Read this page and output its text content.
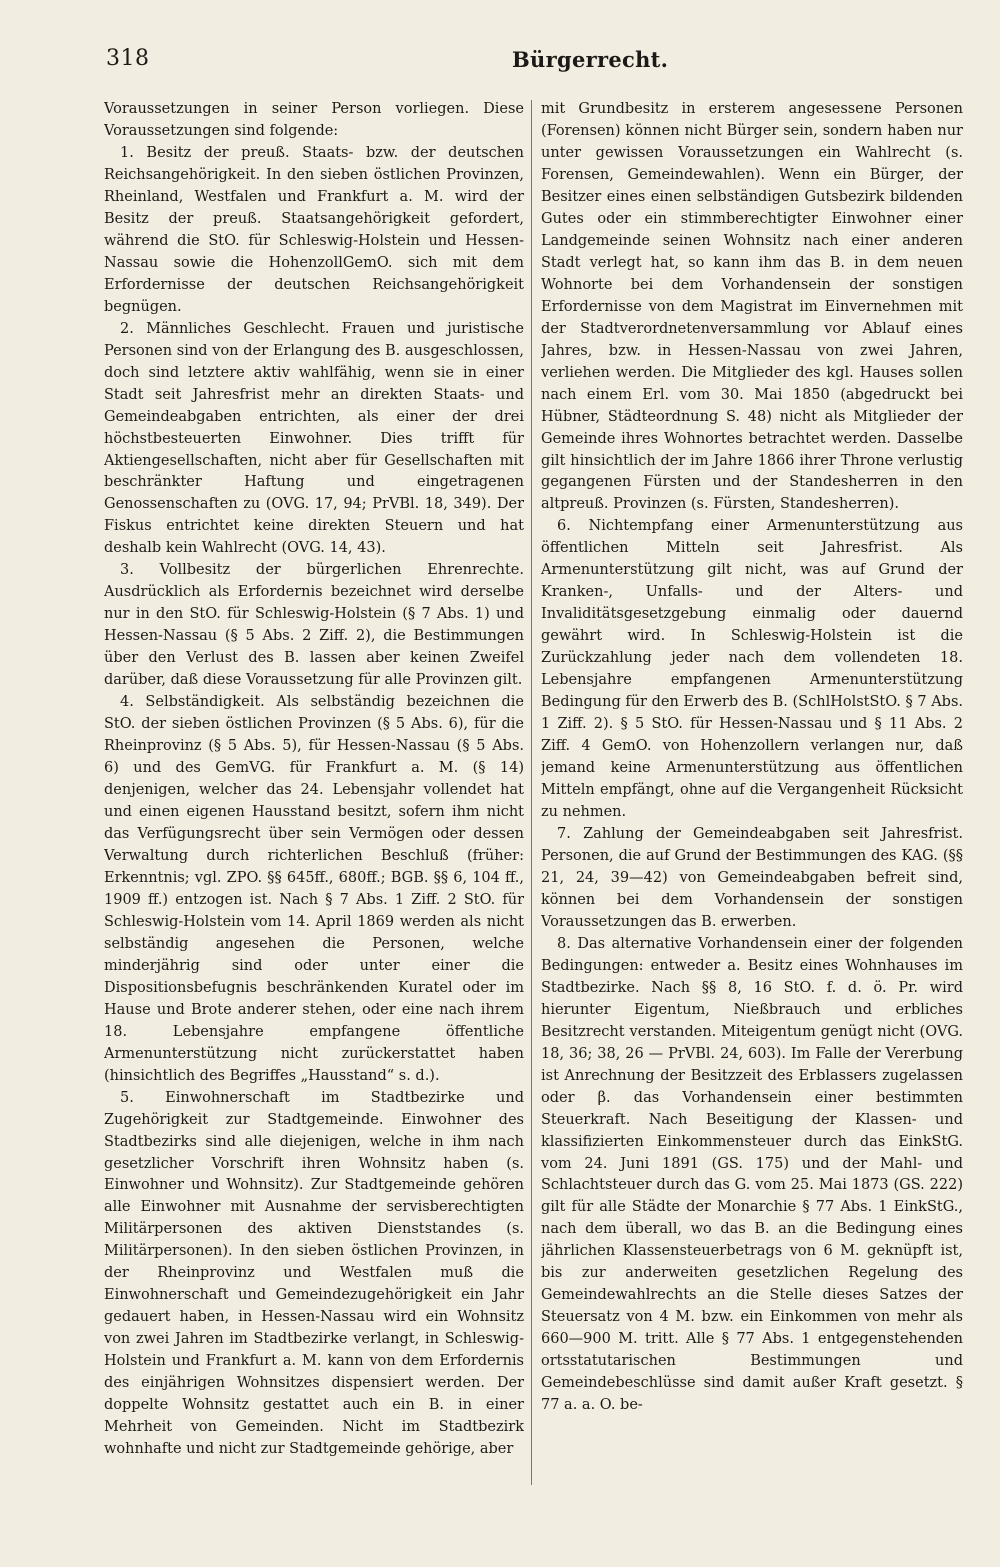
318	Bürgerrecht.

Voraussetzungen in seiner Person vorliegen. Diese Voraussetzungen sind folgende:

1. Besitz der preuß. Staats- bzw. der deutschen Reichsangehörigkeit. In den sieben östlichen Provinzen, Rheinland, Westfalen und Frankfurt a. M. wird der Besitz der preuß. Staatsangehörigkeit gefordert, während die StO. für Schleswig-Holstein und Hessen-Nassau sowie die HohenzollGemO. sich mit dem Erfordernisse der deutschen Reichsangehörigkeit begnügen.

2. Männliches Geschlecht. Frauen und juristische Personen sind von der Erlangung des B. ausgeschlossen, doch sind letztere aktiv wahlfähig, wenn sie in einer Stadt seit Jahresfrist mehr an direkten Staats- und Gemeindeabgaben entrichten, als einer der drei höchstbesteuerten Einwohner. Dies trifft für Aktiengesellschaften, nicht aber für Gesellschaften mit beschränkter Haftung und eingetragenen Genossenschaften zu (OVG. 17, 94; PrVBl. 18, 349). Der Fiskus entrichtet keine direkten Steuern und hat deshalb kein Wahlrecht (OVG. 14, 43).

3. Vollbesitz der bürgerlichen Ehrenrechte. Ausdrücklich als Erfordernis bezeichnet wird derselbe nur in den StO. für Schleswig-Holstein (§ 7 Abs. 1) und Hessen-Nassau (§ 5 Abs. 2 Ziff. 2), die Bestimmungen über den Verlust des B. lassen aber keinen Zweifel darüber, daß diese Voraussetzung für alle Provinzen gilt.

4. Selbständigkeit. Als selbständig bezeichnen die StO. der sieben östlichen Provinzen (§ 5 Abs. 6), für die Rheinprovinz (§ 5 Abs. 5), für Hessen-Nassau (§ 5 Abs. 6) und des GemVG. für Frankfurt a. M. (§ 14) denjenigen, welcher das 24. Lebensjahr vollendet hat und einen eigenen Hausstand besitzt, sofern ihm nicht das Verfügungsrecht über sein Vermögen oder dessen Verwaltung durch richterlichen Beschluß (früher: Erkenntnis; vgl. ZPO. §§ 645ff., 680ff.; BGB. §§ 6, 104 ff., 1909 ff.) entzogen ist. Nach § 7 Abs. 1 Ziff. 2 StO. für Schleswig-Holstein vom 14. April 1869 werden als nicht selbständig angesehen die Personen, welche minderjährig sind oder unter einer die Dispositionsbefugnis beschränkenden Kuratel oder im Hause und Brote anderer stehen, oder eine nach ihrem 18. Lebensjahre empfangene öffentliche Armenunterstützung nicht zurückerstattet haben (hinsichtlich des Begriffes „Hausstand“ s. d.).

5. Einwohnerschaft im Stadtbezirke und Zugehörigkeit zur Stadtgemeinde. Einwohner des Stadtbezirks sind alle diejenigen, welche in ihm nach gesetzlicher Vorschrift ihren Wohnsitz haben (s. Einwohner und Wohnsitz). Zur Stadtgemeinde gehören alle Einwohner mit Ausnahme der servisberechtigten Militärpersonen des aktiven Dienststandes (s. Militärpersonen). In den sieben östlichen Provinzen, in der Rheinprovinz und Westfalen muß die Einwohnerschaft und Gemeindezugehörigkeit ein Jahr gedauert haben, in Hessen-Nassau wird ein Wohnsitz von zwei Jahren im Stadtbezirke verlangt, in Schleswig-Holstein und Frankfurt a. M. kann von dem Erfordernis des einjährigen Wohnsitzes dispensiert werden. Der doppelte Wohnsitz gestattet auch ein B. in einer Mehrheit von Gemeinden. Nicht im Stadtbezirk wohnhafte und nicht zur Stadtgemeinde gehörige, aber

mit Grundbesitz in ersterem angesessene Personen (Forensen) können nicht Bürger sein, sondern haben nur unter gewissen Voraussetzungen ein Wahlrecht (s. Forensen, Gemeindewahlen). Wenn ein Bürger, der Besitzer eines einen selbständigen Gutsbezirk bildenden Gutes oder ein stimmberechtigter Einwohner einer Landgemeinde seinen Wohnsitz nach einer anderen Stadt verlegt hat, so kann ihm das B. in dem neuen Wohnorte bei dem Vorhandensein der sonstigen Erfordernisse von dem Magistrat im Einvernehmen mit der Stadtverordnetenversammlung vor Ablauf eines Jahres, bzw. in Hessen-Nassau von zwei Jahren, verliehen werden. Die Mitglieder des kgl. Hauses sollen nach einem Erl. vom 30. Mai 1850 (abgedruckt bei Hübner, Städteordnung S. 48) nicht als Mitglieder der Gemeinde ihres Wohnortes betrachtet werden. Dasselbe gilt hinsichtlich der im Jahre 1866 ihrer Throne verlustig gegangenen Fürsten und der Standesherren in den altpreuß. Provinzen (s. Fürsten, Standesherren).

6. Nichtempfang einer Armenunterstützung aus öffentlichen Mitteln seit Jahresfrist. Als Armenunterstützung gilt nicht, was auf Grund der Kranken-, Unfalls- und der Alters- und Invaliditätsgesetzgebung einmalig oder dauernd gewährt wird. In Schleswig-Holstein ist die Zurückzahlung jeder nach dem vollendeten 18. Lebensjahre empfangenen Armenunterstützung Bedingung für den Erwerb des B. (SchlHolstStO. § 7 Abs. 1 Ziff. 2). § 5 StO. für Hessen-Nassau und § 11 Abs. 2 Ziff. 4 GemO. von Hohenzollern verlangen nur, daß jemand keine Armenunterstützung aus öffentlichen Mitteln empfängt, ohne auf die Vergangenheit Rücksicht zu nehmen.

7. Zahlung der Gemeindeabgaben seit Jahresfrist. Personen, die auf Grund der Bestimmungen des KAG. (§§ 21, 24, 39—42) von Gemeindeabgaben befreit sind, können bei dem Vorhandensein der sonstigen Voraussetzungen das B. erwerben.

8. Das alternative Vorhandensein einer der folgenden Bedingungen: entweder a. Besitz eines Wohnhauses im Stadtbezirke. Nach §§ 8, 16 StO. f. d. ö. Pr. wird hierunter Eigentum, Nießbrauch und erbliches Besitzrecht verstanden. Miteigentum genügt nicht (OVG. 18, 36; 38, 26 — PrVBl. 24, 603). Im Falle der Vererbung ist Anrechnung der Besitzzeit des Erblassers zugelassen oder β. das Vorhandensein einer bestimmten Steuerkraft. Nach Beseitigung der Klassen- und klassifizierten Einkommensteuer durch das EinkStG. vom 24. Juni 1891 (GS. 175) und der Mahl- und Schlachtsteuer durch das G. vom 25. Mai 1873 (GS. 222) gilt für alle Städte der Monarchie § 77 Abs. 1 EinkStG., nach dem überall, wo das B. an die Bedingung eines jährlichen Klassensteuerbetrags von 6 M. geknüpft ist, bis zur anderweiten gesetzlichen Regelung des Gemeindewahlrechts an die Stelle dieses Satzes der Steuersatz von 4 M. bzw. ein Einkommen von mehr als 660—900 M. tritt. Alle § 77 Abs. 1 entgegenstehenden ortsstatutarischen Bestimmungen und Gemeindebeschlüsse sind damit außer Kraft gesetzt. § 77 a. a. O. be-
